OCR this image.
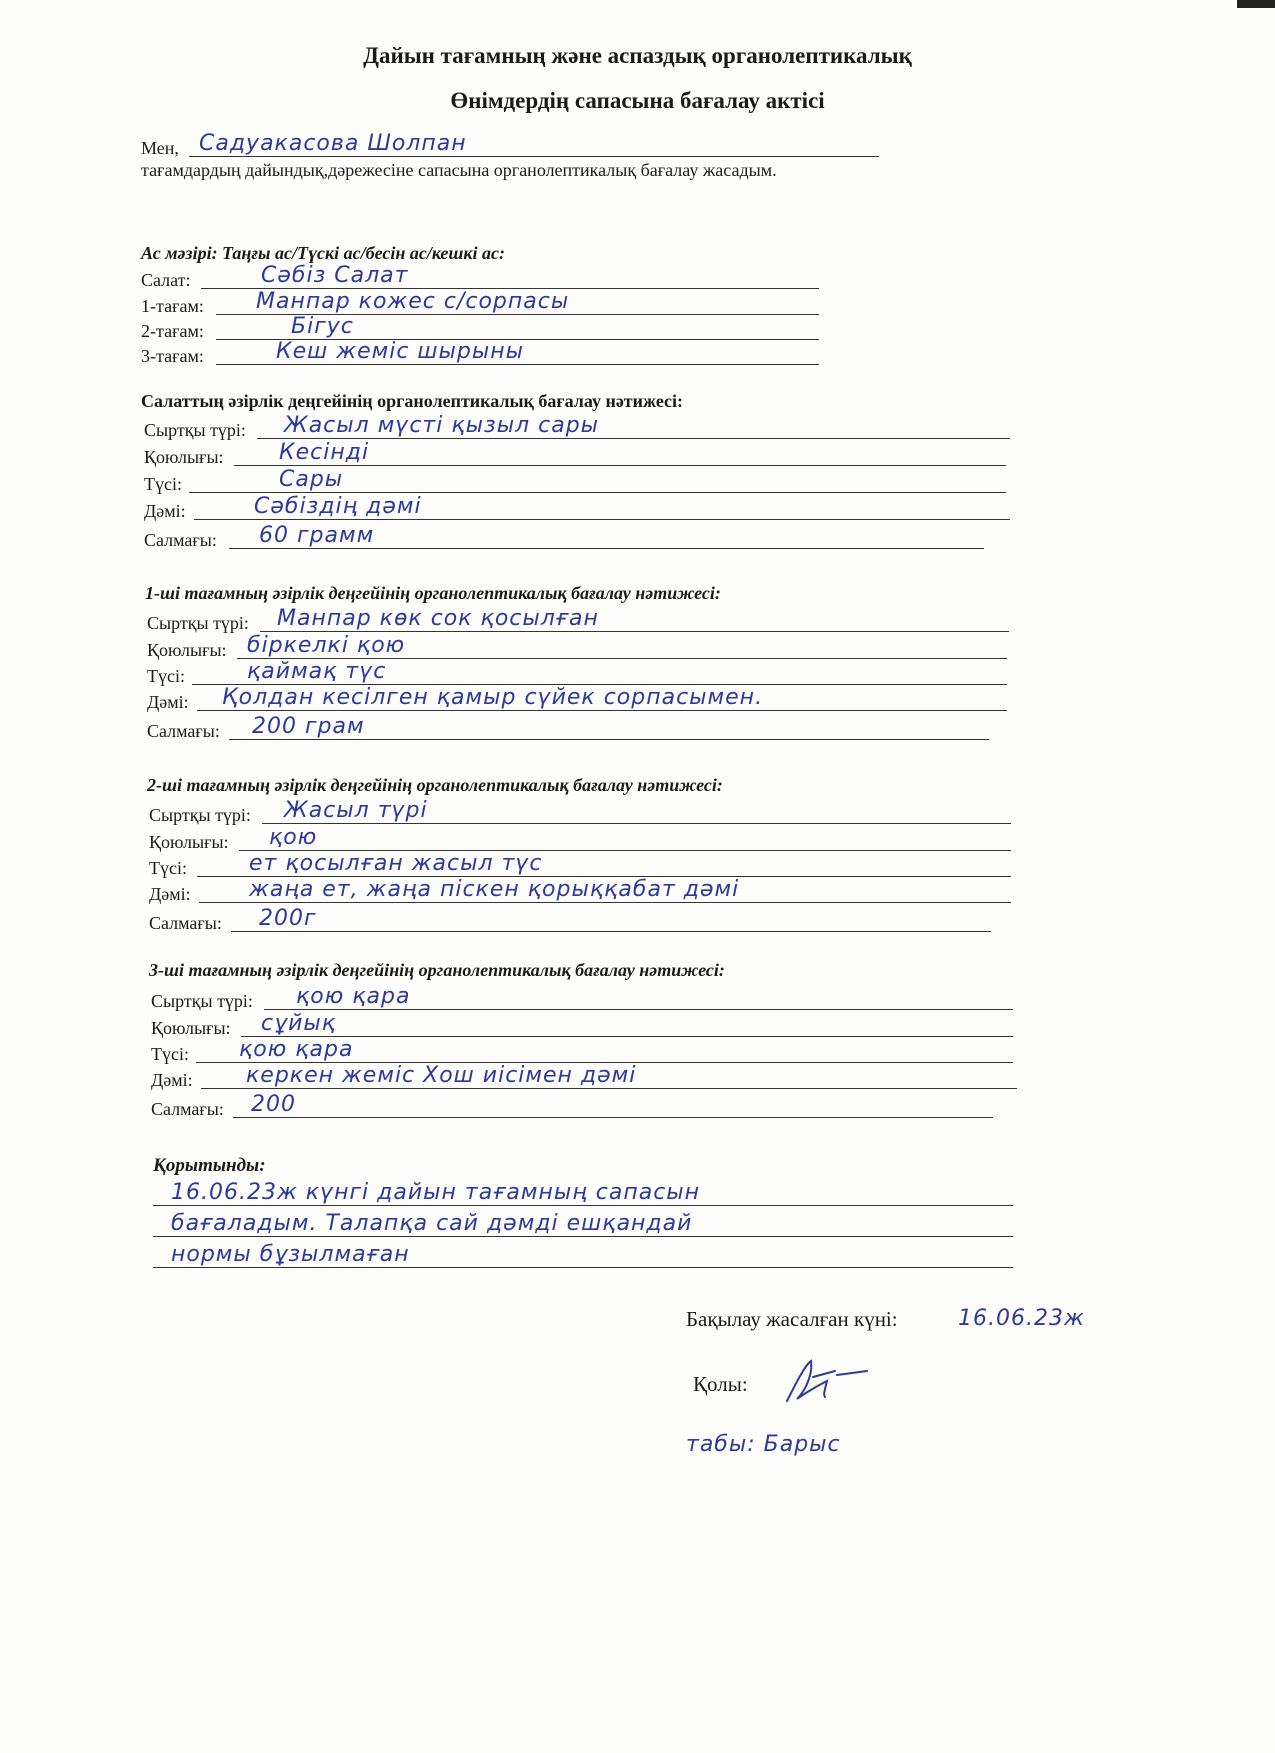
Дайын тағамның және аспаздық органолептикалық
Өнімдердің сапасына бағалау актісі
Мен, Садуакасова Шолпан
тағамдардың дайындық,дәрежесіне сапасына органолептикалық бағалау жасадым.
Ас мәзірі: Таңғы ас/Түскі ас/бесін ас/кешкі ас:
Салат:	Сәбіз Салат
1-тағам: Манпар кожес с/сорпасы
2-тағам:	Бігус
3-тағам:	Кеш жеміс шырыны
Салаттың әзірлік деңгейінің органолептикалық бағалау нәтижесі:
Сыртқы түрі: Жасыл мүсті қызыл сары
Қоюлығы:	Кесінді
Түсі:	Сары
Дәмі:	Сәбіздің дәмі
Салмағы: 60 грамм
1-ші тағамның әзірлік деңгейінің органолептикалық бағалау нәтижесі:
Сыртқы түрі: Манпар көк сок қосылған
Қоюлығы: біркелкі қою
Түсі:	қаймақ түс
Дәмі: Қолдан кесілген қамыр сүйек сорпасымен.
Салмағы: 200 грам
2-ші тағамның әзірлік деңгейінің органолептикалық бағалау нәтижесі:
Сыртқы түрі: Жасыл түрі
Қоюлығы: қою
Түсі:	ет қосылған жасыл түс
Дәмі:	жаңа ет, жаңа піскен қорыққабат дәмі
Салмағы: 200г
3-ші тағамның әзірлік деңгейінің органолептикалық бағалау нәтижесі:
Сыртқы түрі: қою қара
Қоюлығы: сұйық
Түсі: қою қара
Дәмі: керкен жеміс Хош иісімен дәмі
Салмағы: 200
Қорытынды:
16.06.23ж күнгі дайын тағамның сапасын
бағаладым. Талапқа сай дәмді ешқандай
нормы бұзылмаған
Бақылау жасалған күні:	16.06.23ж
Қолы:
табы: Барыс
